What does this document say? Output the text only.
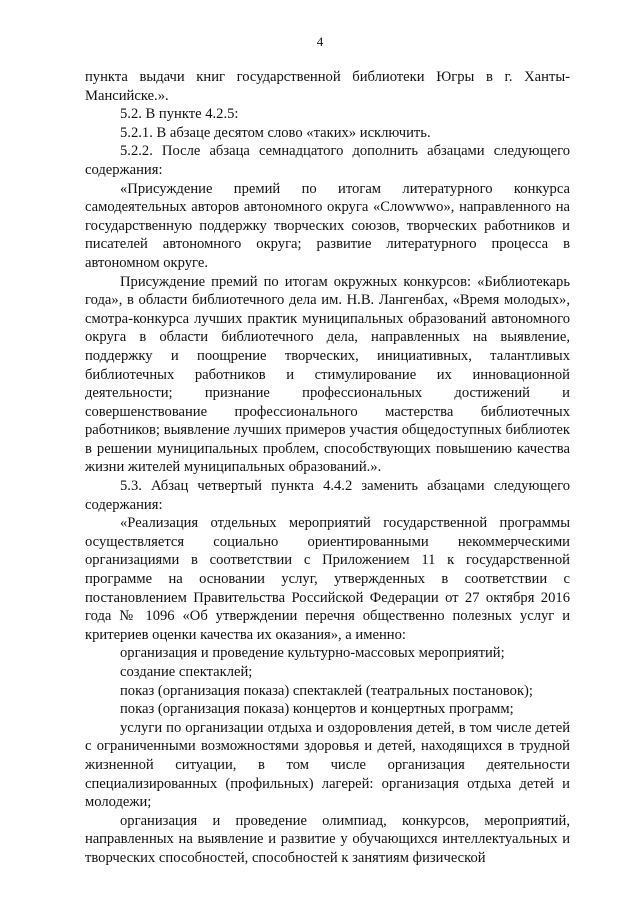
4

пункта выдачи книг государственной библиотеки Югры в г. Ханты-Мансийске.».

5.2. В пункте 4.2.5:

5.2.1. В абзаце десятом слово «таких» исключить.

5.2.2. После абзаца семнадцатого дополнить абзацами следующего содержания:

«Присуждение премий по итогам литературного конкурса самодеятельных авторов автономного округа «Cлowwwo», направленного на государственную поддержку творческих союзов, творческих работников и писателей автономного округа; развитие литературного процесса в автономном округе.

Присуждение премий по итогам окружных конкурсов: «Библиотекарь года», в области библиотечного дела им. Н.В. Лангенбах, «Время молодых», смотра-конкурса лучших практик муниципальных образований автономного округа в области библиотечного дела, направленных на выявление, поддержку и поощрение творческих, инициативных, талантливых библиотечных работников и стимулирование их инновационной деятельности; признание профессиональных достижений и совершенствование профессионального мастерства библиотечных работников; выявление лучших примеров участия общедоступных библиотек в решении муниципальных проблем, способствующих повышению качества жизни жителей муниципальных образований.».

5.3. Абзац четвертый пункта 4.4.2 заменить абзацами следующего содержания:

«Реализация отдельных мероприятий государственной программы осуществляется социально ориентированными некоммерческими организациями в соответствии с Приложением 11 к государственной программе на основании услуг, утвержденных в соответствии с постановлением Правительства Российской Федерации от 27 октября 2016 года № 1096 «Об утверждении перечня общественно полезных услуг и критериев оценки качества их оказания», а именно:

организация и проведение культурно-массовых мероприятий;

создание спектаклей;

показ (организация показа) спектаклей (театральных постановок);

показ (организация показа) концертов и концертных программ;

услуги по организации отдыха и оздоровления детей, в том числе детей с ограниченными возможностями здоровья и детей, находящихся в трудной жизненной ситуации, в том числе организация деятельности специализированных (профильных) лагерей: организация отдыха детей и молодежи;

организация и проведение олимпиад, конкурсов, мероприятий, направленных на выявление и развитие у обучающихся интеллектуальных и творческих способностей, способностей к занятиям физической
